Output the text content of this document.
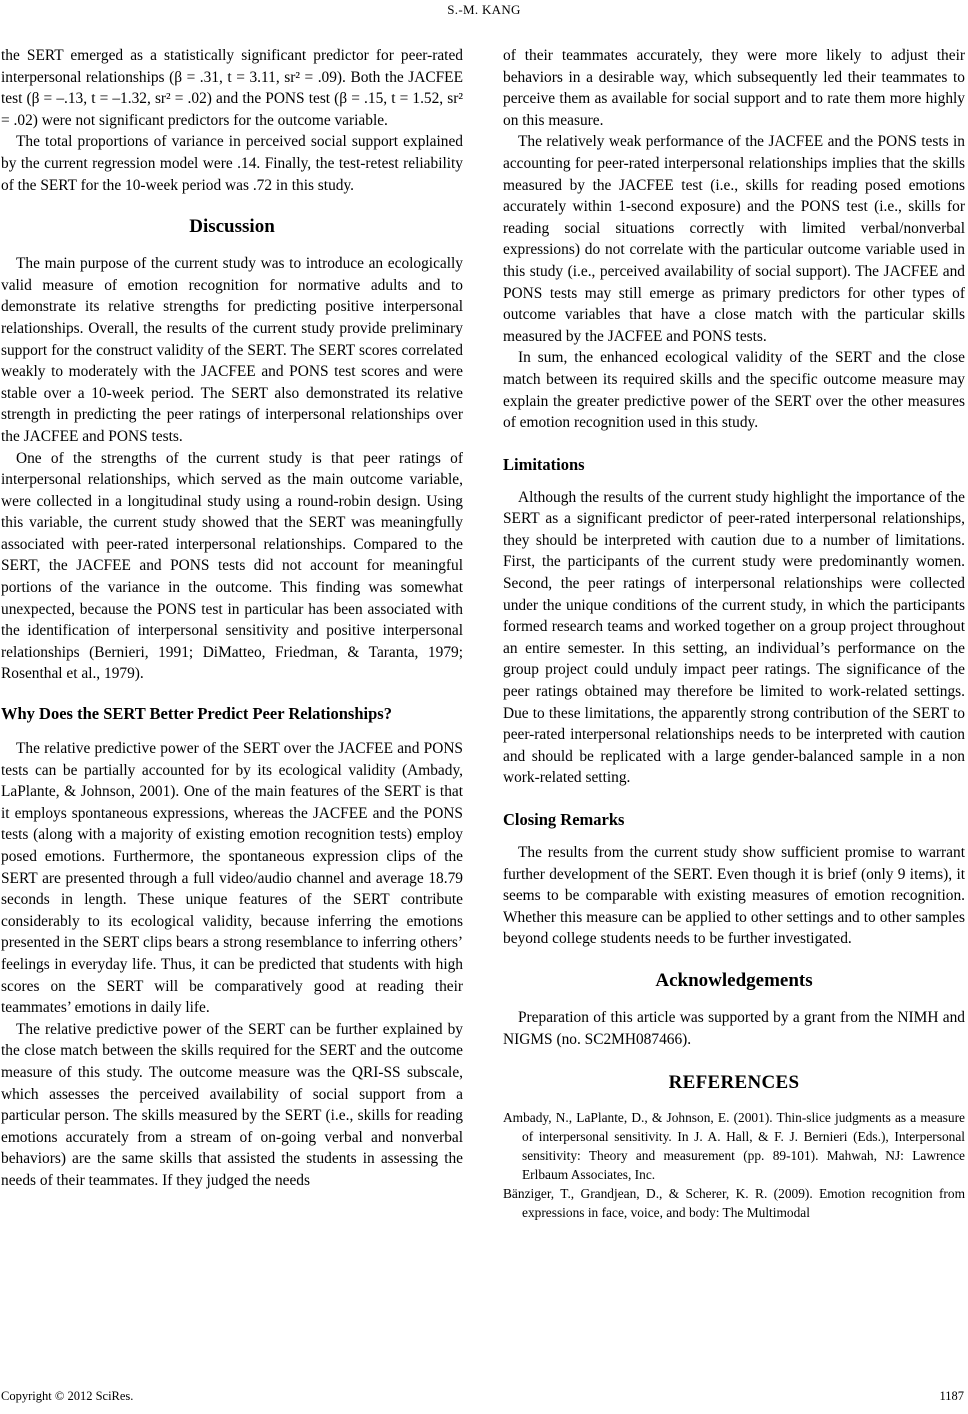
S.-M. KANG

the SERT emerged as a statistically significant predictor for peer-rated interpersonal relationships (β = .31, t = 3.11, sr² = .09). Both the JACFEE test (β = –.13, t = –1.32, sr² = .02) and the PONS test (β = .15, t = 1.52, sr² = .02) were not significant predictors for the outcome variable.

The total proportions of variance in perceived social support explained by the current regression model were .14. Finally, the test-retest reliability of the SERT for the 10-week period was .72 in this study.

Discussion

The main purpose of the current study was to introduce an ecologically valid measure of emotion recognition for normative adults and to demonstrate its relative strengths for predicting positive interpersonal relationships. Overall, the results of the current study provide preliminary support for the construct validity of the SERT. The SERT scores correlated weakly to moderately with the JACFEE and PONS test scores and were stable over a 10-week period. The SERT also demonstrated its relative strength in predicting the peer ratings of interpersonal relationships over the JACFEE and PONS tests.

One of the strengths of the current study is that peer ratings of interpersonal relationships, which served as the main outcome variable, were collected in a longitudinal study using a round-robin design. Using this variable, the current study showed that the SERT was meaningfully associated with peer-rated interpersonal relationships. Compared to the SERT, the JACFEE and PONS tests did not account for meaningful portions of the variance in the outcome. This finding was somewhat unexpected, because the PONS test in particular has been associated with the identification of interpersonal sensitivity and positive interpersonal relationships (Bernieri, 1991; DiMatteo, Friedman, & Taranta, 1979; Rosenthal et al., 1979).

Why Does the SERT Better Predict Peer Relationships?

The relative predictive power of the SERT over the JACFEE and PONS tests can be partially accounted for by its ecological validity (Ambady, LaPlante, & Johnson, 2001). One of the main features of the SERT is that it employs spontaneous expressions, whereas the JACFEE and the PONS tests (along with a majority of existing emotion recognition tests) employ posed emotions. Furthermore, the spontaneous expression clips of the SERT are presented through a full video/audio channel and average 18.79 seconds in length. These unique features of the SERT contribute considerably to its ecological validity, because inferring the emotions presented in the SERT clips bears a strong resemblance to inferring others’ feelings in everyday life. Thus, it can be predicted that students with high scores on the SERT will be comparatively good at reading their teammates’ emotions in daily life.

The relative predictive power of the SERT can be further explained by the close match between the skills required for the SERT and the outcome measure of this study. The outcome measure was the QRI-SS subscale, which assesses the perceived availability of social support from a particular person. The skills measured by the SERT (i.e., skills for reading emotions accurately from a stream of on-going verbal and nonverbal behaviors) are the same skills that assisted the students in assessing the needs of their teammates. If they judged the needs

of their teammates accurately, they were more likely to adjust their behaviors in a desirable way, which subsequently led their teammates to perceive them as available for social support and to rate them more highly on this measure.

The relatively weak performance of the JACFEE and the PONS tests in accounting for peer-rated interpersonal relationships implies that the skills measured by the JACFEE test (i.e., skills for reading posed emotions accurately within 1-second exposure) and the PONS test (i.e., skills for reading social situations correctly with limited verbal/nonverbal expressions) do not correlate with the particular outcome variable used in this study (i.e., perceived availability of social support). The JACFEE and PONS tests may still emerge as primary predictors for other types of outcome variables that have a close match with the particular skills measured by the JACFEE and PONS tests.

In sum, the enhanced ecological validity of the SERT and the close match between its required skills and the specific outcome measure may explain the greater predictive power of the SERT over the other measures of emotion recognition used in this study.

Limitations

Although the results of the current study highlight the importance of the SERT as a significant predictor of peer-rated interpersonal relationships, they should be interpreted with caution due to a number of limitations. First, the participants of the current study were predominantly women. Second, the peer ratings of interpersonal relationships were collected under the unique conditions of the current study, in which the participants formed research teams and worked together on a group project throughout an entire semester. In this setting, an individual’s performance on the group project could unduly impact peer ratings. The significance of the peer ratings obtained may therefore be limited to work-related settings. Due to these limitations, the apparently strong contribution of the SERT to peer-rated interpersonal relationships needs to be interpreted with caution and should be replicated with a large gender-balanced sample in a non work-related setting.

Closing Remarks

The results from the current study show sufficient promise to warrant further development of the SERT. Even though it is brief (only 9 items), it seems to be comparable with existing measures of emotion recognition. Whether this measure can be applied to other settings and to other samples beyond college students needs to be further investigated.

Acknowledgements

Preparation of this article was supported by a grant from the NIMH and NIGMS (no. SC2MH087466).

REFERENCES

Ambady, N., LaPlante, D., & Johnson, E. (2001). Thin-slice judgments as a measure of interpersonal sensitivity. In J. A. Hall, & F. J. Bernieri (Eds.), Interpersonal sensitivity: Theory and measurement (pp. 89-101). Mahwah, NJ: Lawrence Erlbaum Associates, Inc.

Bänziger, T., Grandjean, D., & Scherer, K. R. (2009). Emotion recognition from expressions in face, voice, and body: The Multimodal

Copyright © 2012 SciRes.	1187
